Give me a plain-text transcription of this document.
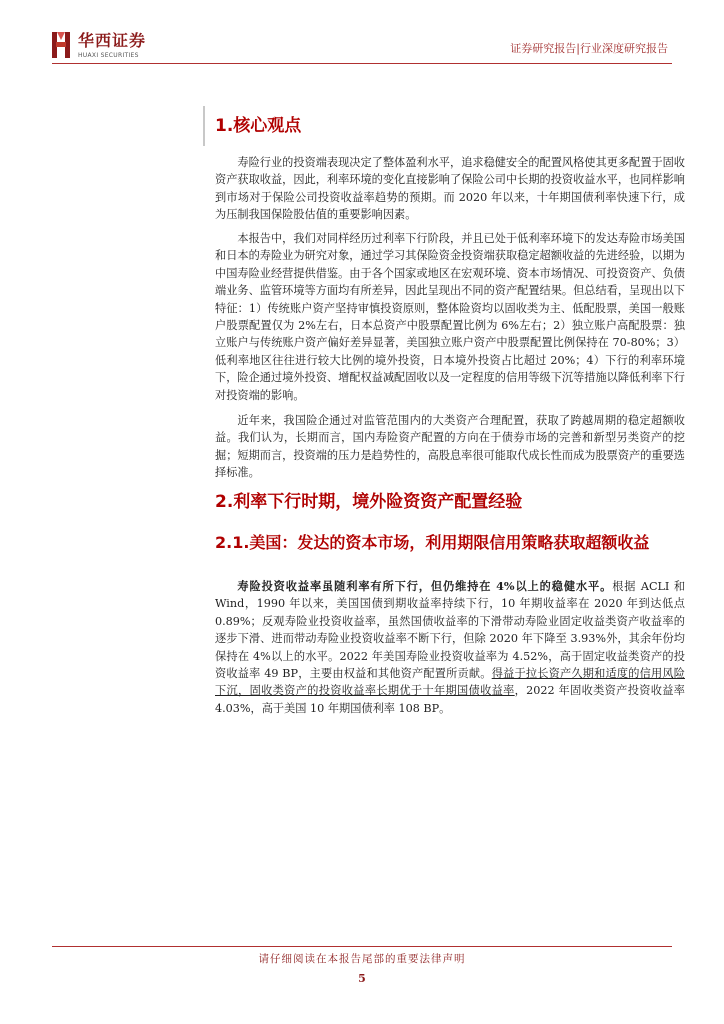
华西证券
HUAXI SECURITIES
证券研究报告|行业深度研究报告
1.核心观点

寿险行业的投资端表现决定了整体盈利水平，追求稳健安全的配置风格使其更多配置于固收资产获取收益，因此，利率环境的变化直接影响了保险公司中长期的投资收益水平，也同样影响到市场对于保险公司投资收益率趋势的预期。而 2020 年以来，十年期国债利率快速下行，成为压制我国保险股估值的重要影响因素。

本报告中，我们对同样经历过利率下行阶段，并且已处于低利率环境下的发达寿险市场美国和日本的寿险业为研究对象，通过学习其保险资金投资端获取稳定超额收益的先进经验，以期为中国寿险业经营提供借鉴。由于各个国家或地区在宏观环境、资本市场情况、可投资资产、负债端业务、监管环境等方面均有所差异，因此呈现出不同的资产配置结果。但总结看，呈现出以下特征：1）传统账户资产坚持审慎投资原则，整体险资均以固收类为主、低配股票，美国一般账户股票配置仅为 2%左右，日本总资产中股票配置比例为 6%左右；2）独立账户高配股票：独立账户与传统账户资产偏好差异显著，美国独立账户资产中股票配置比例保持在 70-80%；3）低利率地区往往进行较大比例的境外投资，日本境外投资占比超过 20%；4）下行的利率环境下，险企通过境外投资、增配权益减配固收以及一定程度的信用等级下沉等措施以降低利率下行对投资端的影响。

近年来，我国险企通过对监管范围内的大类资产合理配置，获取了跨越周期的稳定超额收益。我们认为，长期而言，国内寿险资产配置的方向在于债券市场的完善和新型另类资产的挖掘；短期而言，投资端的压力是趋势性的，高股息率很可能取代成长性而成为股票资产的重要选择标准。

2.利率下行时期，境外险资资产配置经验
2.1.美国：发达的资本市场，利用期限信用策略获取超额收益

寿险投资收益率虽随利率有所下行，但仍维持在 4%以上的稳健水平。根据 ACLI 和 Wind，1990 年以来，美国国债到期收益率持续下行，10 年期收益率在 2020 年到达低点 0.89%；反观寿险业投资收益率，虽然国债收益率的下滑带动寿险业固定收益类资产收益率的逐步下滑、进而带动寿险业投资收益率不断下行，但除 2020 年下降至 3.93%外，其余年份均保持在 4%以上的水平。2022 年美国寿险业投资收益率为 4.52%，高于固定收益类资产的投资收益率 49 BP，主要由权益和其他资产配置所贡献。得益于拉长资产久期和适度的信用风险下沉，固收类资产的投资收益率长期优于十年期国债收益率，2022 年固收类资产投资收益率 4.03%，高于美国 10 年期国债利率 108 BP。

请仔细阅读在本报告尾部的重要法律声明
5
